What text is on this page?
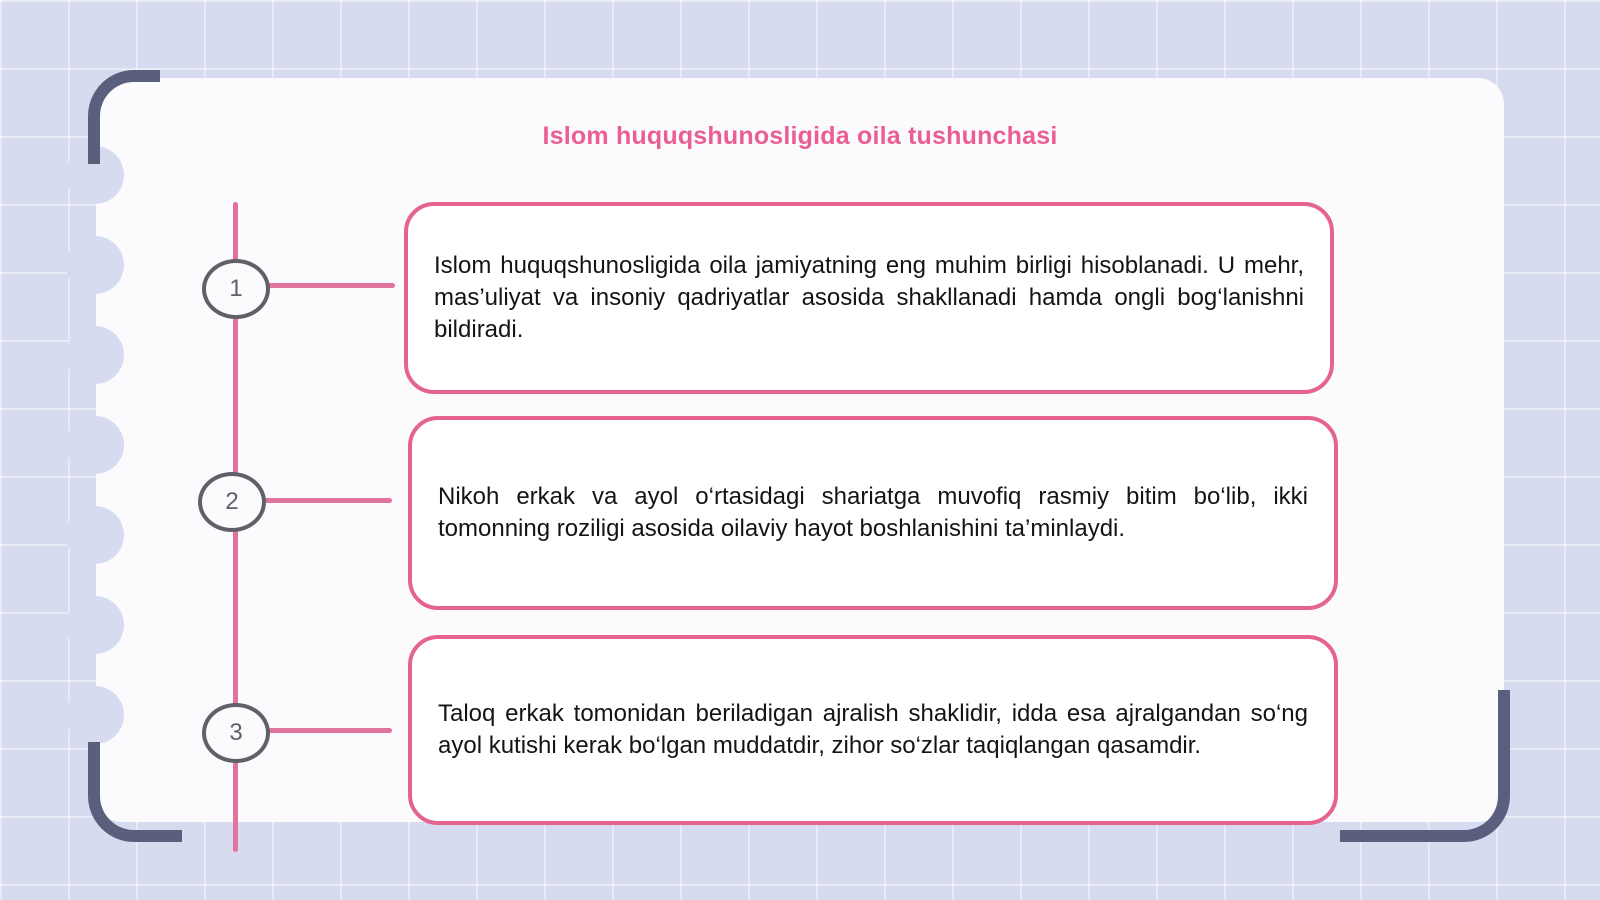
Islom huquqshunosligida oila tushunchasi
1
2
3

Islom huquqshunosligida oila jamiyatning eng muhim birligi hisoblanadi. U mehr, mas’uliyat va insoniy qadriyatlar asosida shakllanadi hamda ongli bog‘lanishni bildiradi.

Nikoh erkak va ayol o‘rtasidagi shariatga muvofiq rasmiy bitim bo‘lib, ikki tomonning roziligi asosida oilaviy hayot boshlanishini ta’minlaydi.

Taloq erkak tomonidan beriladigan ajralish shaklidir, idda esa ajralgandan so‘ng ayol kutishi kerak bo‘lgan muddatdir, zihor so‘zlar taqiqlangan qasamdir.
